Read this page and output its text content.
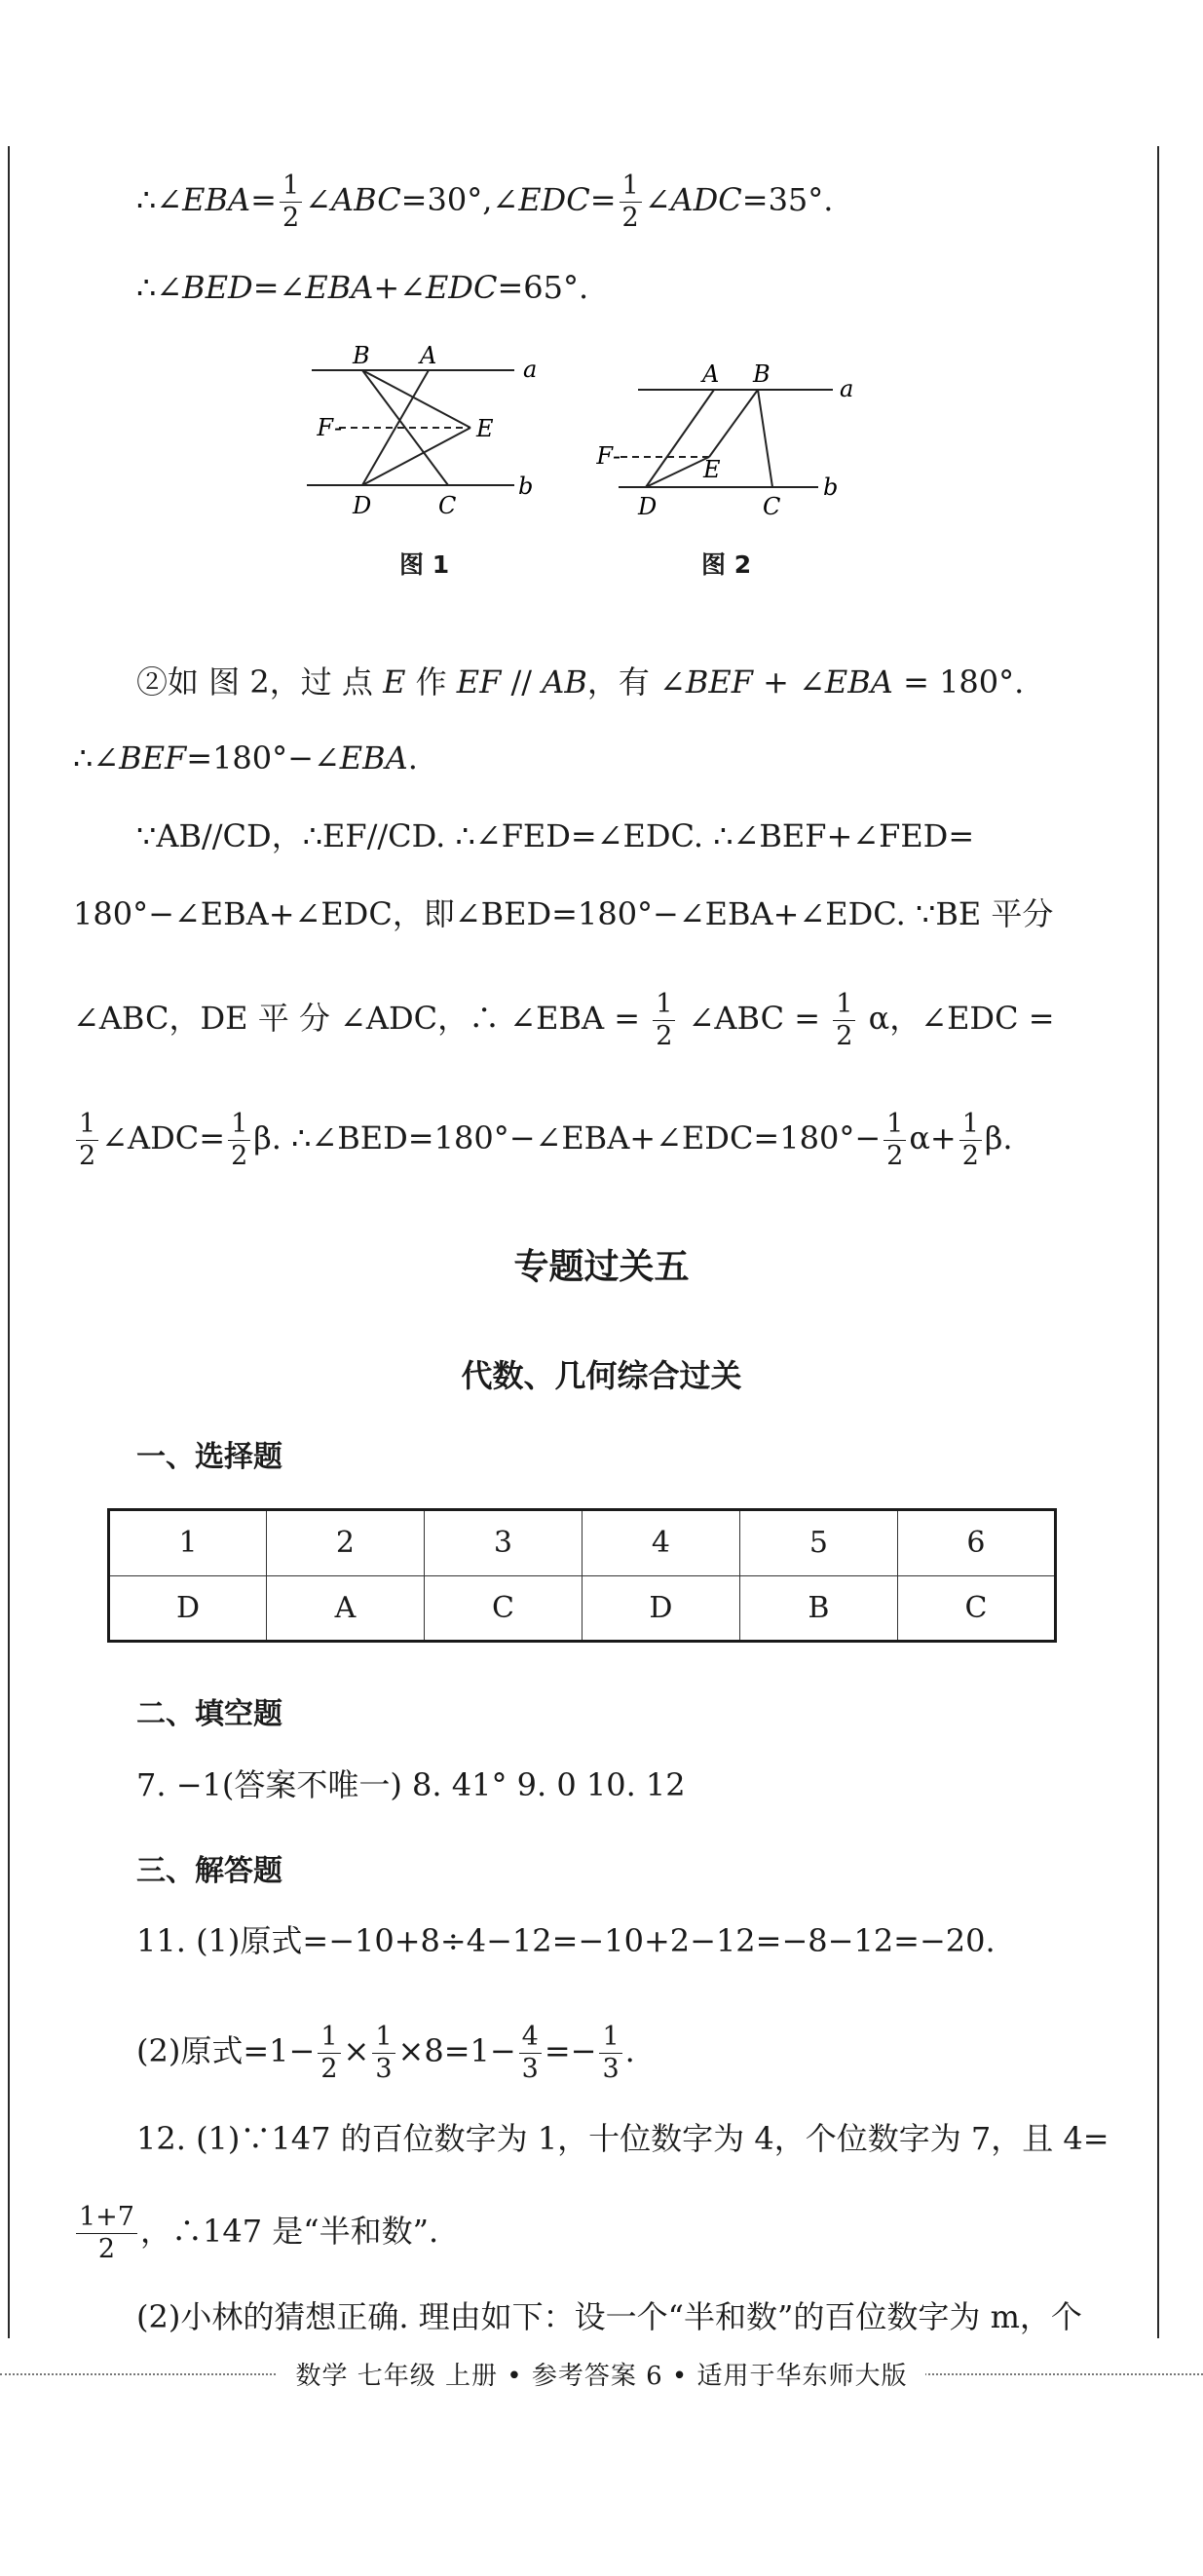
∴∠EBA= $\frac{1}{2}$ ∠ABC=30°,∠EDC= $\frac{1}{2}$ ∠ADC=35°.
∴∠BED=∠EBA+∠EDC=65°.
B A	a
F -	E
D	C
b
图 1
A B
a
F -	E
D	C
b
图 2
②如 图 2，过 点 E 作 EF // AB，有 ∠BEF + ∠EBA = 180°.
∴∠BEF=180°−∠EBA.
∵AB//CD，∴EF//CD. ∴∠FED=∠EDC. ∴∠BEF+∠FED=
180°−∠EBA+∠EDC，即∠BED=180°−∠EBA+∠EDC. ∵BE 平分
∠ABC，DE 平 分 ∠ADC，∴ ∠EBA = $\frac{1}{2}$ ∠ABC = $\frac{1}{2}$ α，∠EDC =
$\frac{1}{2}$ ∠ADC= $\frac{1}{2} \beta$. ∴∠BED=180°−∠EBA+∠EDC=180°− $\frac{1}{2} \alpha+ \frac{1}{2} \beta$.
专题过关五
代数、几何综合过关
一、选择题
1	2	3	4	5	6
D	A	C	D	B	C
二、填空题
7. −1(答案不唯一) 8. 41° 9. 0 10. 12
三、解答题
11. (1)原式=−10+8÷4−12=−10+2−12=−8−12=−20.
(2)原式$=1- \frac{1}{2} \times \frac{1}{3} \times 8=1- \frac{4}{3} =- \frac{1}{3}$ .
12. (1)∵147 的百位数字为 1，十位数字为 4，个位数字为 7，且 4=
$\frac{1+7}{2}$ ，∴147 是“半和数”.
(2)小林的猜想正确. 理由如下：设一个“半和数”的百位数字为 m，个
数学 七年级 上册 • 参考答案 6 • 适用于华东师大版
